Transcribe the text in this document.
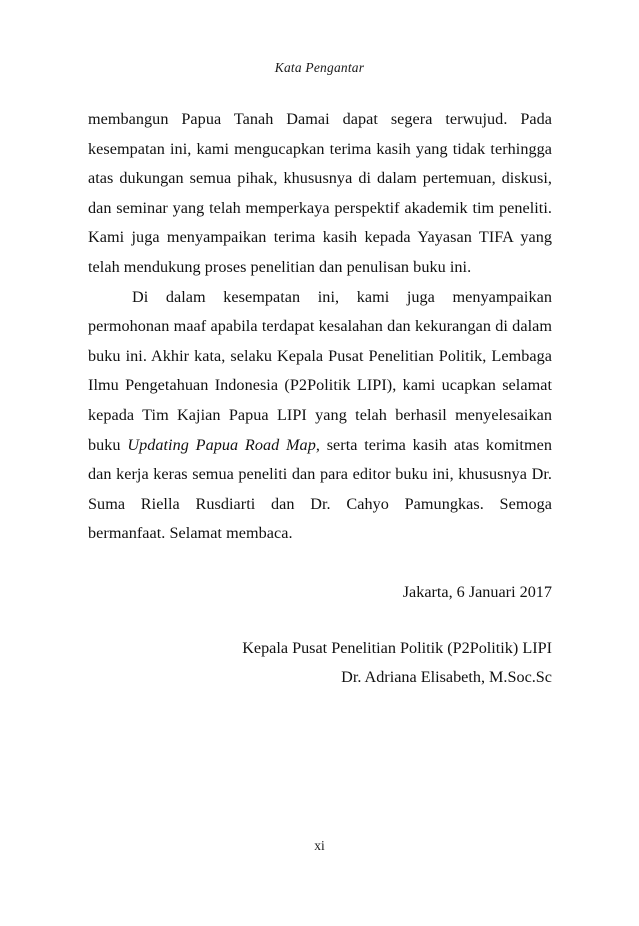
Kata Pengantar

membangun Papua Tanah Damai dapat segera terwujud. Pada kesempatan ini, kami mengucapkan terima kasih yang tidak terhingga atas dukungan semua pihak, khususnya di dalam pertemuan, diskusi, dan seminar yang telah memperkaya perspektif akademik tim peneliti. Kami juga menyampaikan terima kasih kepada Yayasan TIFA yang telah mendukung proses penelitian dan penulisan buku ini.

Di dalam kesempatan ini, kami juga menyampaikan permohonan maaf apabila terdapat kesalahan dan kekurangan di dalam buku ini. Akhir kata, selaku Kepala Pusat Penelitian Politik, Lembaga Ilmu Pengetahuan Indonesia (P2Politik LIPI), kami ucapkan selamat kepada Tim Kajian Papua LIPI yang telah berhasil menyelesaikan buku Updating Papua Road Map, serta terima kasih atas komitmen dan kerja keras semua peneliti dan para editor buku ini, khususnya Dr. Suma Riella Rusdiarti dan Dr. Cahyo Pamungkas. Semoga bermanfaat. Selamat membaca.

Jakarta, 6 Januari 2017
Kepala Pusat Penelitian Politik (P2Politik) LIPI
Dr. Adriana Elisabeth, M.Soc.Sc
xi
